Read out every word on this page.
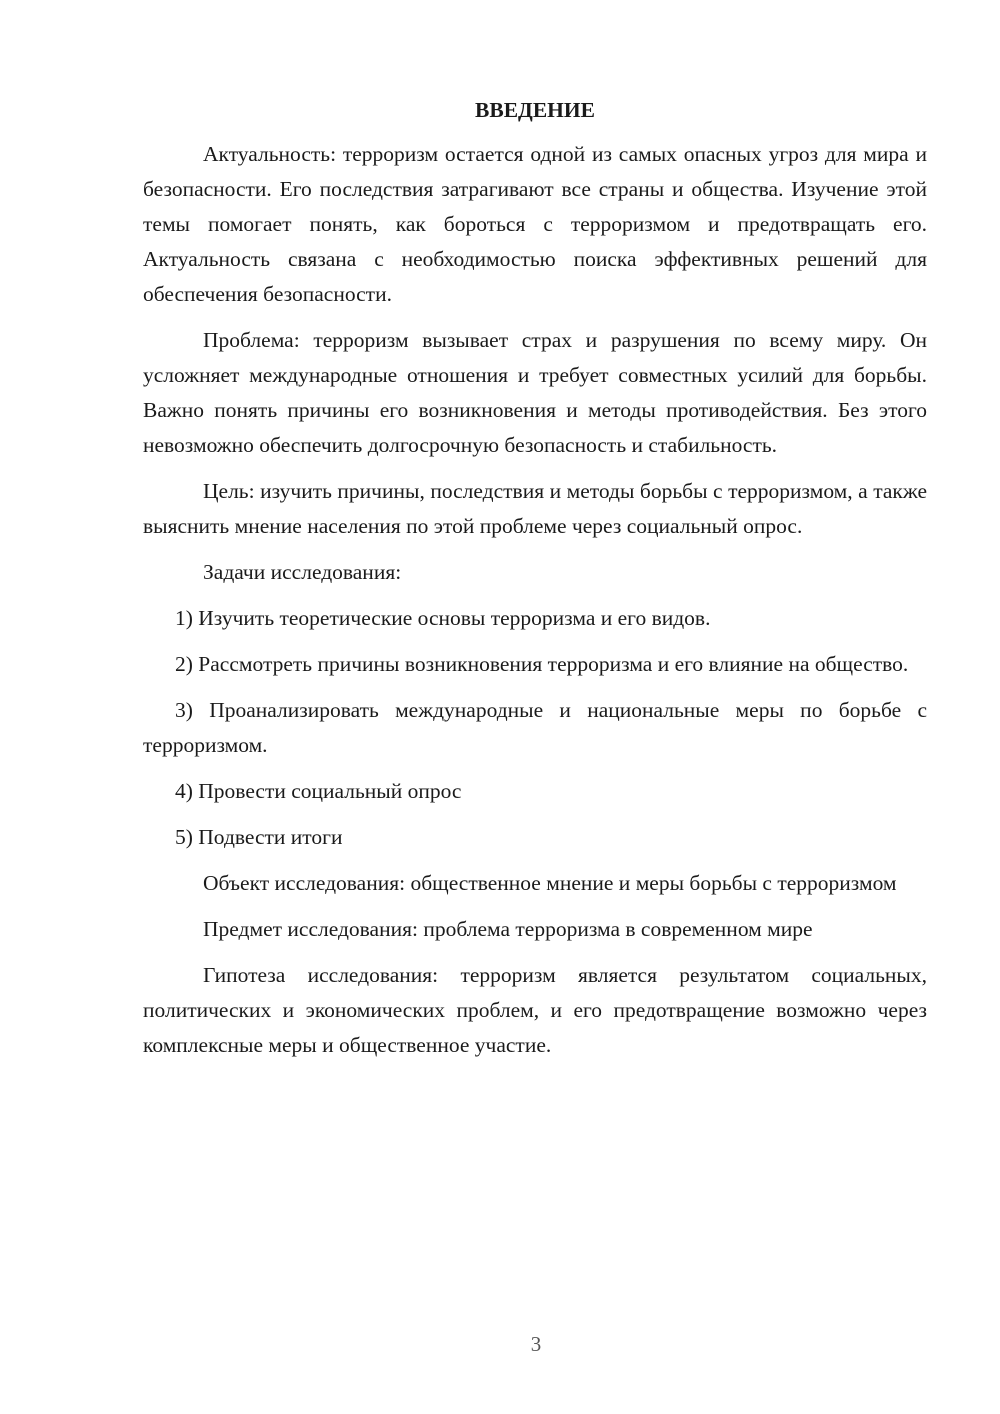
ВВЕДЕНИЕ

Актуальность: терроризм остается одной из самых опасных угроз для мира и безопасности. Его последствия затрагивают все страны и общества. Изучение этой темы помогает понять, как бороться с терроризмом и предотвращать его. Актуальность связана с необходимостью поиска эффективных решений для обеспечения безопасности.

Проблема: терроризм вызывает страх и разрушения по всему миру. Он усложняет международные отношения и требует совместных усилий для борьбы. Важно понять причины его возникновения и методы противодействия. Без этого невозможно обеспечить долгосрочную безопасность и стабильность.

Цель: изучить причины, последствия и методы борьбы с терроризмом, а также выяснить мнение населения по этой проблеме через социальный опрос.

Задачи исследования:

1) Изучить теоретические основы терроризма и его видов.

2) Рассмотреть причины возникновения терроризма и его влияние на общество.

3) Проанализировать международные и национальные меры по борьбе с терроризмом.

4) Провести социальный опрос

5) Подвести итоги

Объект исследования: общественное мнение и меры борьбы с терроризмом

Предмет исследования: проблема терроризма в современном мире

Гипотеза исследования: терроризм является результатом социальных, политических и экономических проблем, и его предотвращение возможно через комплексные меры и общественное участие.

3
